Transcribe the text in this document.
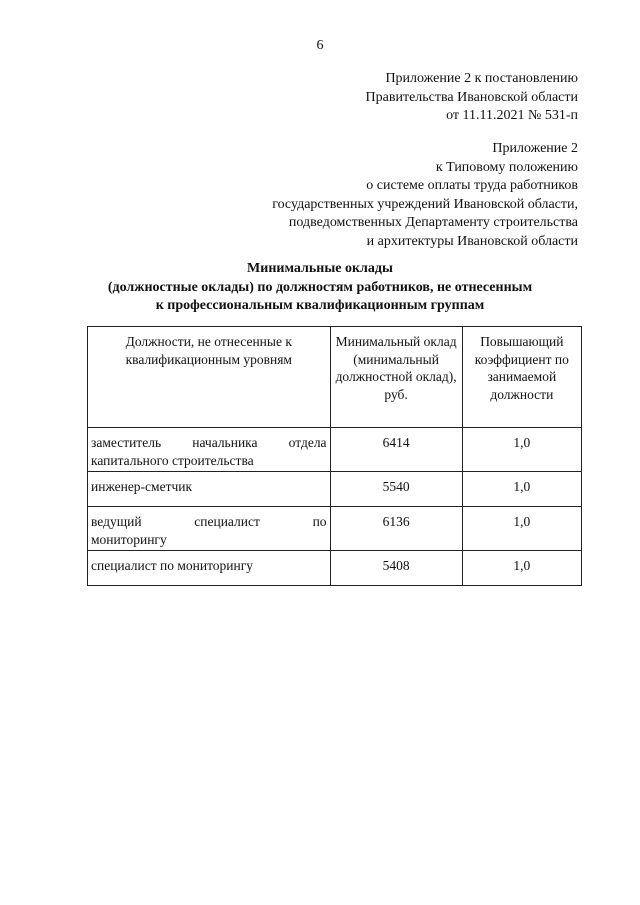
6
Приложение 2 к постановлению
Правительства Ивановской области
от 11.11.2021 № 531-п
Приложение 2
к Типовому положению
о системе оплаты труда работников
государственных учреждений Ивановской области,
подведомственных Департаменту строительства
и архитектуры Ивановской области
Минимальные оклады
(должностные оклады) по должностям работников, не отнесенным
к профессиональным квалификационным группам
Должности, не отнесенные к квалификационным уровням	Минимальный оклад (минимальный должностной оклад), руб.	Повышающий коэффициент по занимаемой должности

заместитель начальника отдела
капитального строительства	6414	1,0
инженер-сметчик	5540	1,0

ведущий специалист по
мониторингу	6136	1,0
специалист по мониторингу	5408	1,0
